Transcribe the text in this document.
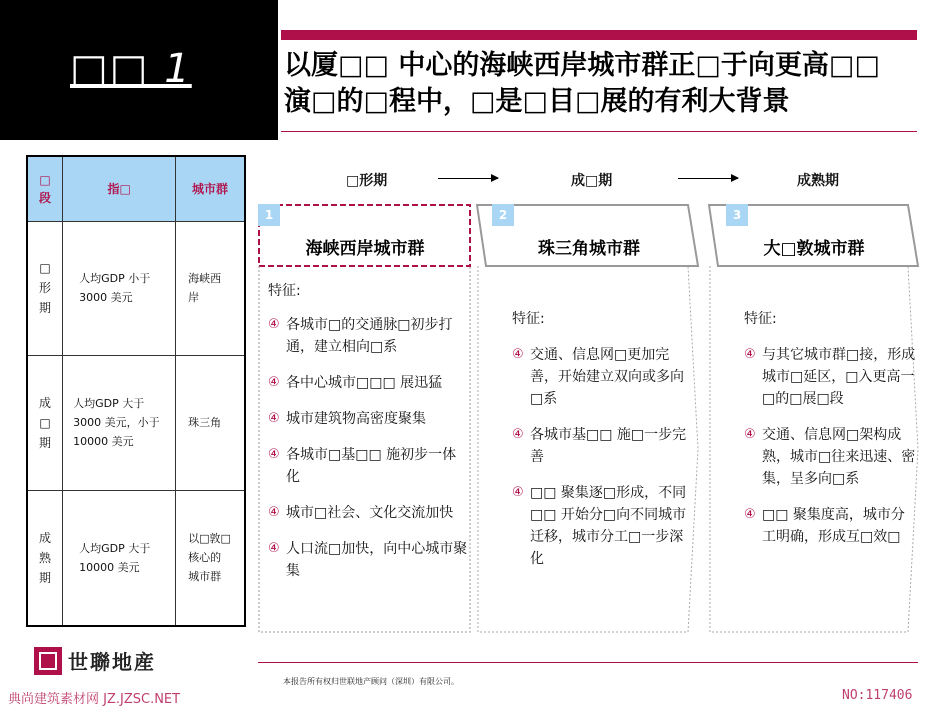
□□ 1	以厦□□ 中心的海峡西岸城市群正□于向更高□□ 演□的□程中，□是□目□展的有利大背景
□形期	成□期	成熟期
□段	指□	城市群

□形期	人均GDP 小于 3000 美元	海峡西岸

成□期	人均GDP 大于 3000 美元，小于 10000 美元	珠三角

成熟期	人均GDP 大于 10000 美元	以□敦□核心的城市群
1
海峡西岸城市群
特征:
④ 各城市□的交通脉□初步打通，建立相向□系
④ 各中心城市□□□ 展迅猛
④ 城市建筑物高密度聚集
④ 各城市□基□□ 施初步一体化
④ 城市□社会、文化交流加快
④ 人口流□加快，向中心城市聚集
2
珠三角城市群
特征:
④ 交通、信息网□更加完善，开始建立双向或多向□系
④ 各城市基□□ 施□一步完善
④ □□ 聚集逐□形成，不同□□ 开始分□向不同城市迁移，城市分工□一步深化
3
大□敦城市群
特征:
④ 与其它城市群□接，形成城市□延区，□入更高一□的□展□段
④ 交通、信息网□架构成熟，城市□往来迅速、密集，呈多向□系
④ □□ 聚集度高，城市分工明确，形成互□效□
世聯地産
本报告所有权归世联地产顾问（深圳）有限公司。
典尚建筑素材网 JZ.JZSC.NET	NO:117406
